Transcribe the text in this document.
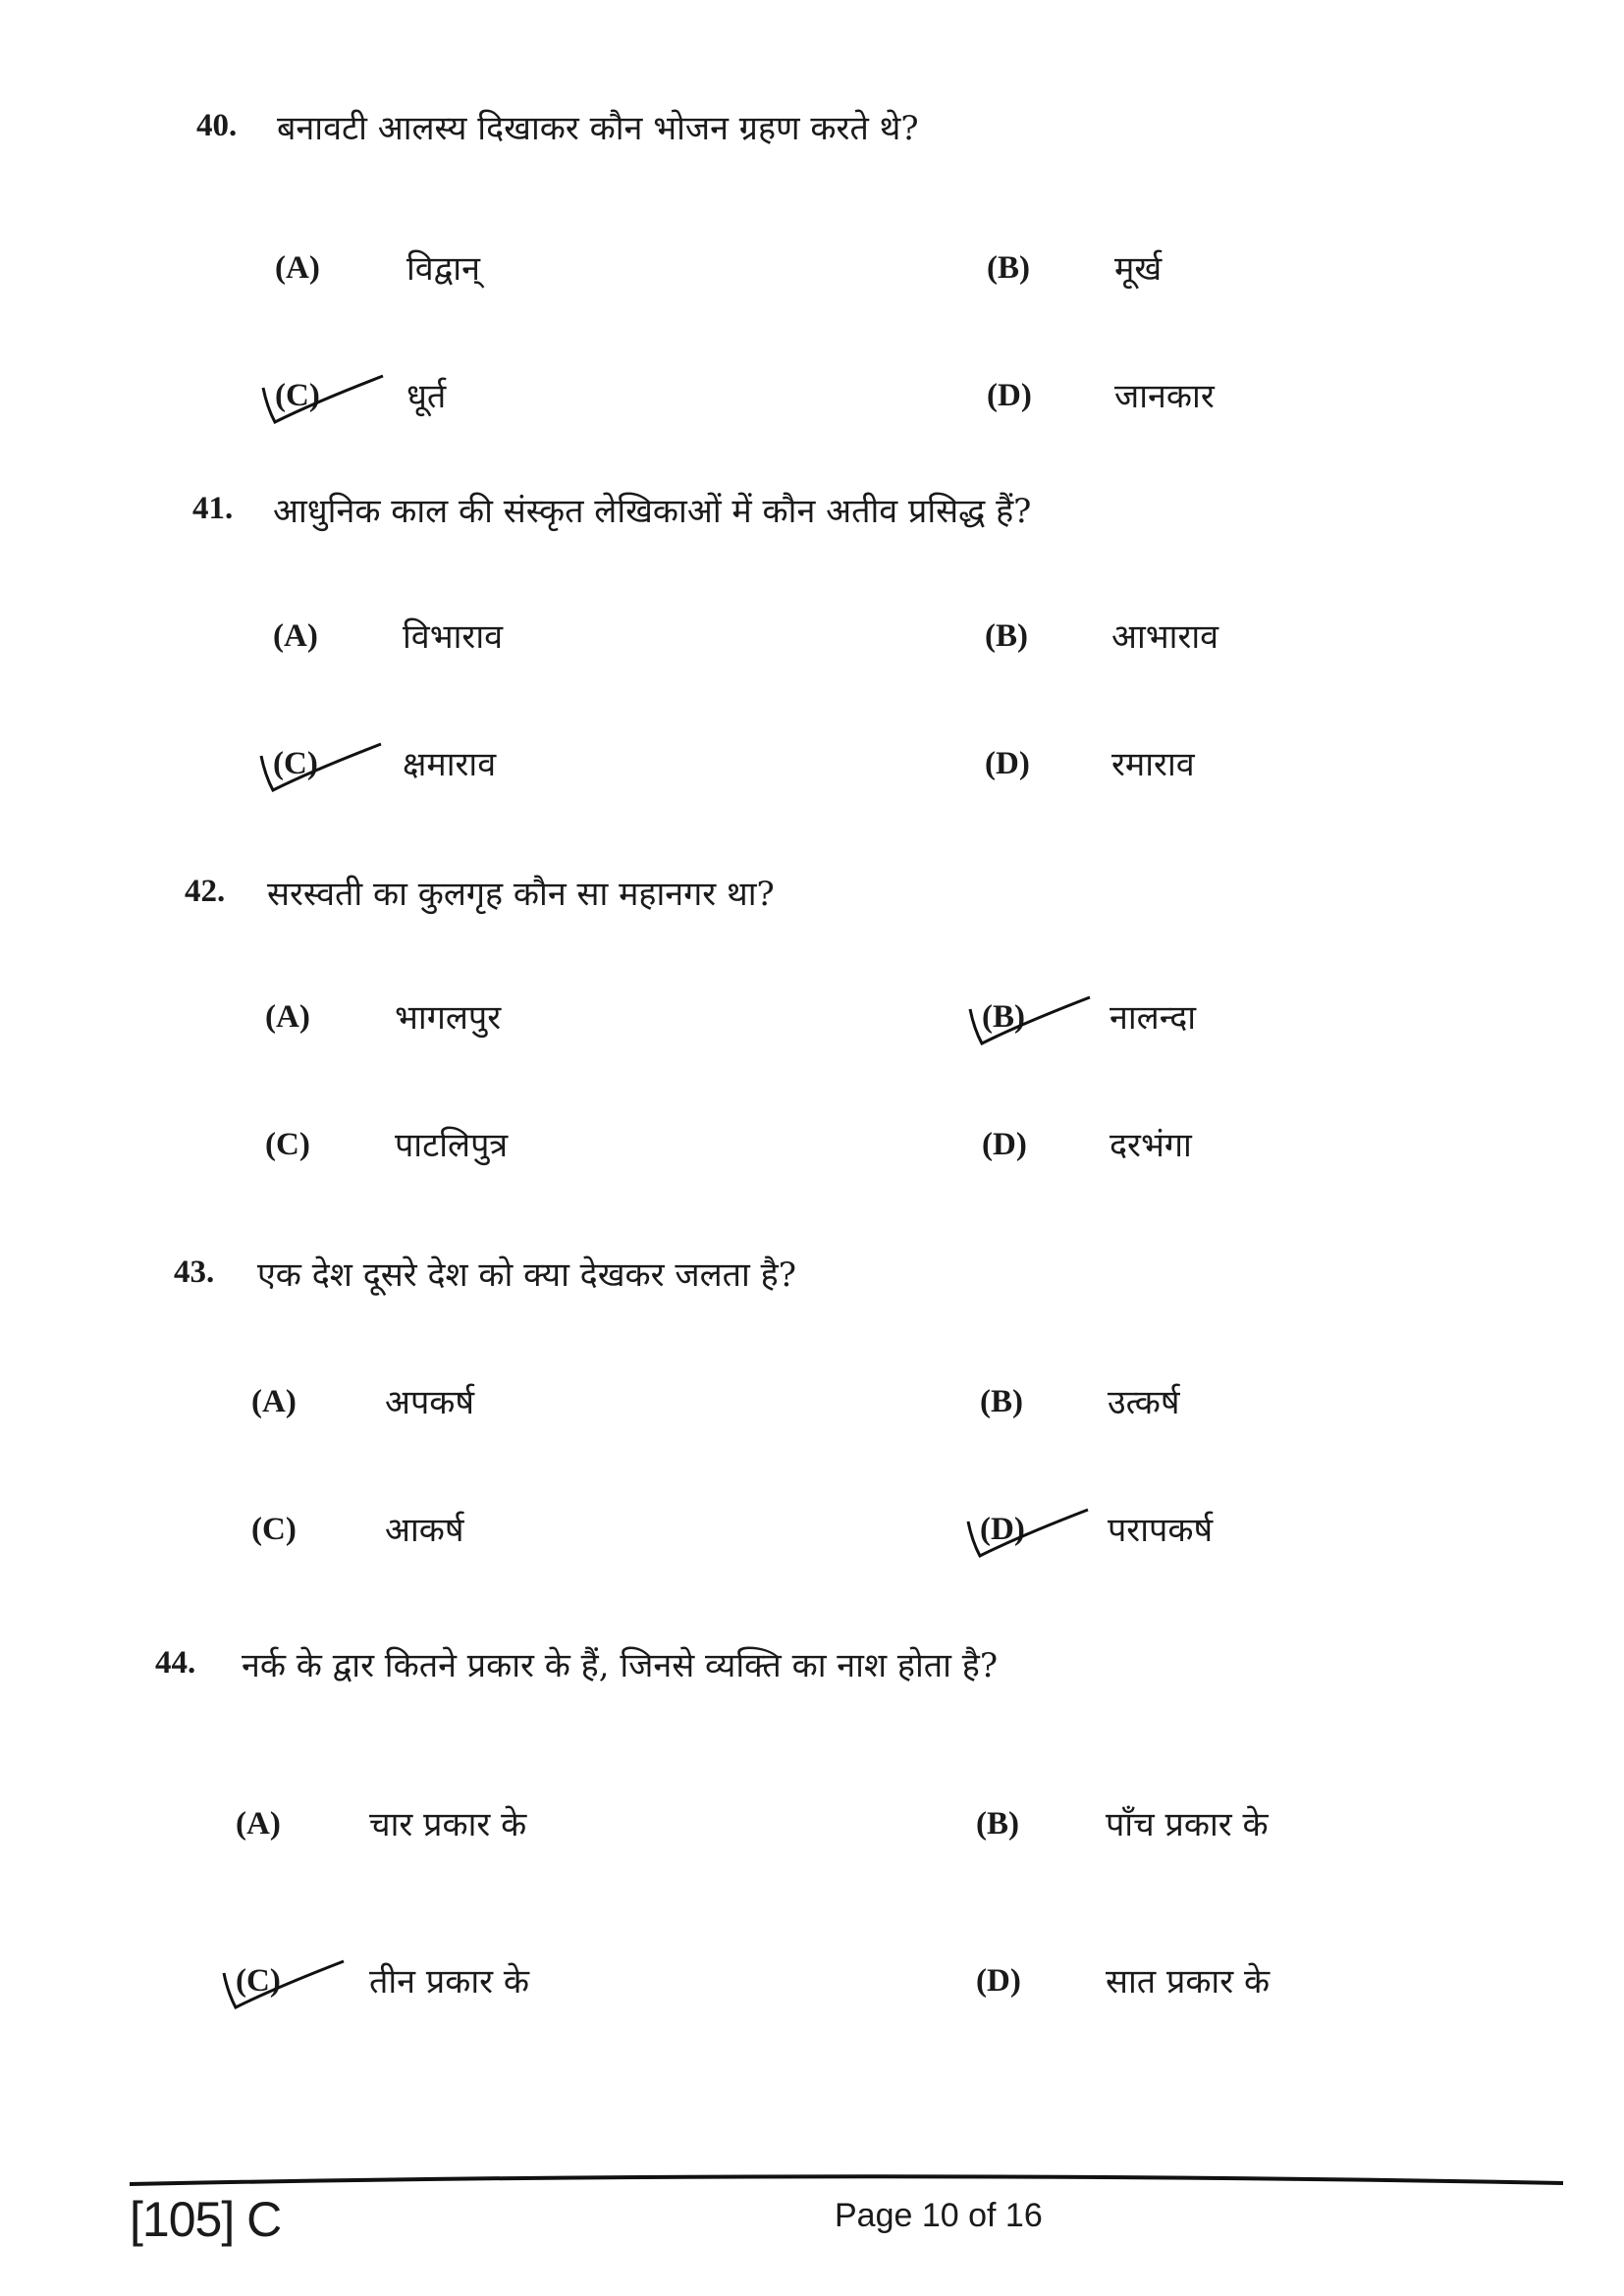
40. बनावटी आलस्य दिखाकर कौन भोजन ग्रहण करते थे?
(A)	विद्वान्	(B)	मूर्ख
(C)	धूर्त	(D) जानकार
41. आधुनिक काल की संस्कृत लेखिकाओं में कौन अतीव प्रसिद्ध हैं?
(A)	विभाराव	(B)	आभाराव
(C)	क्षमाराव	(D) रमाराव
42. सरस्वती का कुलगृह कौन सा महानगर था?
(A)	भागलपुर	(B)	नालन्दा
(C)	पाटलिपुत्र	(D) दरभंगा
43. एक देश दूसरे देश को क्या देखकर जलता है?
(A)	अपकर्ष	(B)	उत्कर्ष
(C)	आकर्ष	(D) परापकर्ष
44. नर्क के द्वार कितने प्रकार के हैं, जिनसे व्यक्ति का नाश होता है?
(A)	चार प्रकार के	(B)	पाँच प्रकार के
(C)	तीन प्रकार के	(D)	सात प्रकार के
[105] C	Page 10 of 16
